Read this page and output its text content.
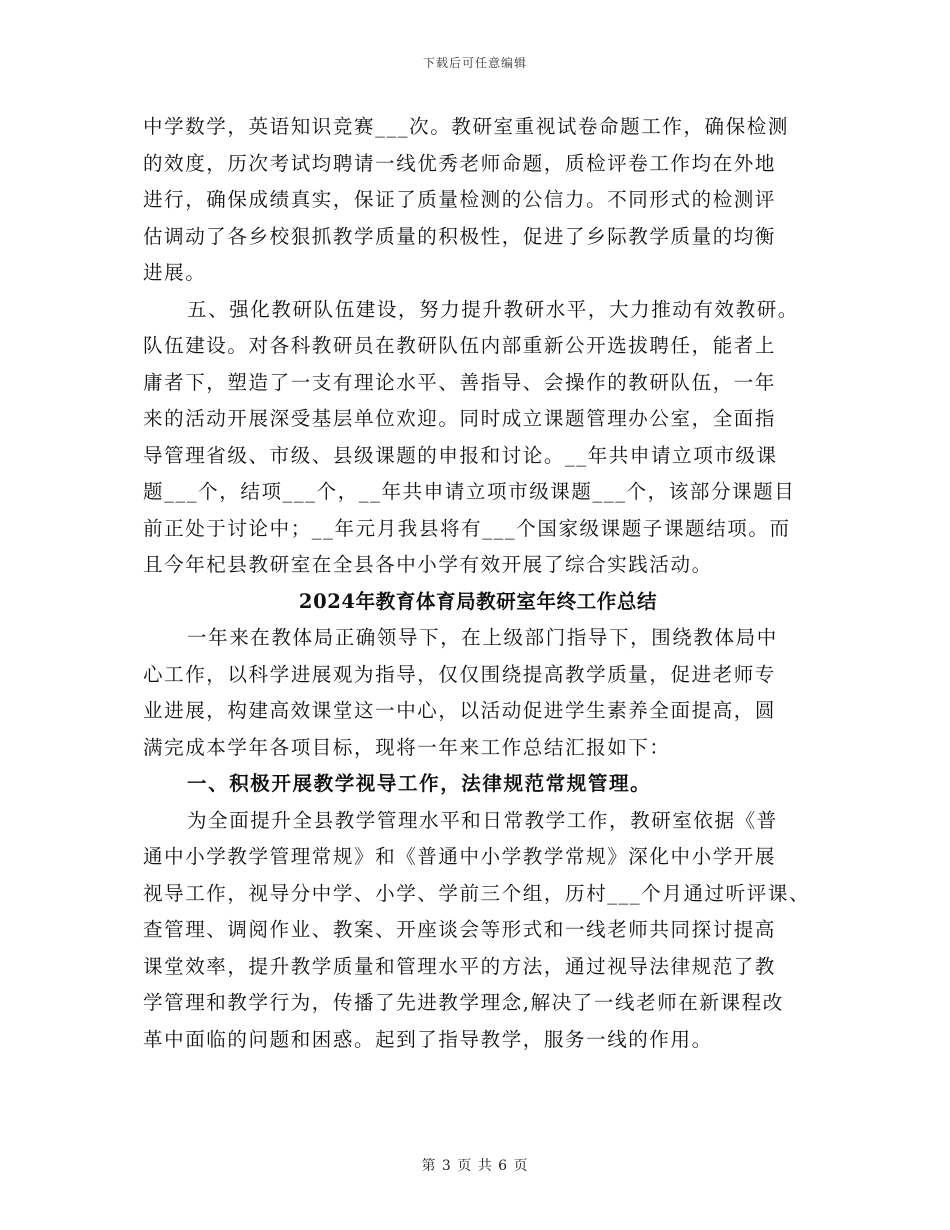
下载后可任意编辑
中学数学，英语知识竞赛___次。教研室重视试卷命题工作，确保检测
的效度，历次考试均聘请一线优秀老师命题，质检评卷工作均在外地
进行，确保成绩真实，保证了质量检测的公信力。不同形式的检测评
估调动了各乡校狠抓教学质量的积极性，促进了乡际教学质量的均衡
进展。
五、强化教研队伍建设，努力提升教研水平，大力推动有效教研。
队伍建设。对各科教研员在教研队伍内部重新公开选拔聘任，能者上
庸者下，塑造了一支有理论水平、善指导、会操作的教研队伍，一年
来的活动开展深受基层单位欢迎。同时成立课题管理办公室，全面指
导管理省级、市级、县级课题的申报和讨论。__年共申请立项市级课
题___个，结项___个，__年共申请立项市级课题___个，该部分课题目
前正处于讨论中；__年元月我县将有___个国家级课题子课题结项。而
且今年杞县教研室在全县各中小学有效开展了综合实践活动。
2024年教育体育局教研室年终工作总结
一年来在教体局正确领导下，在上级部门指导下，围绕教体局中
心工作，以科学进展观为指导，仅仅围绕提高教学质量，促进老师专
业进展，构建高效课堂这一中心，以活动促进学生素养全面提高，圆
满完成本学年各项目标，现将一年来工作总结汇报如下：
一、积极开展教学视导工作，法律规范常规管理。
为全面提升全县教学管理水平和日常教学工作，教研室依据《普
通中小学教学管理常规》和《普通中小学教学常规》深化中小学开展
视导工作，视导分中学、小学、学前三个组，历村___个月通过听评课、
查管理、调阅作业、教案、开座谈会等形式和一线老师共同探讨提高
课堂效率，提升教学质量和管理水平的方法，通过视导法律规范了教
学管理和教学行为，传播了先进教学理念,解决了一线老师在新课程改
革中面临的问题和困惑。起到了指导教学，服务一线的作用。
第 3 页 共 6 页
